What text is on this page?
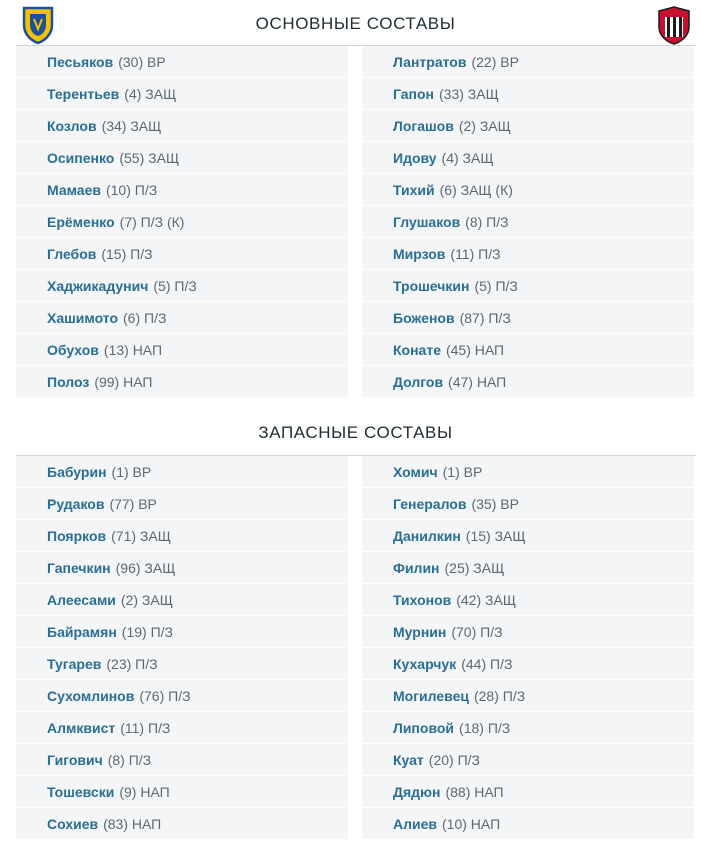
ОСНОВНЫЕ СОСТАВЫ
Песьяков (30) ВР
Терентьев (4) ЗАЩ
Козлов (34) ЗАЩ
Осипенко (55) ЗАЩ
Мамаев (10) П/З
Ерёменко (7) П/З (К)
Глебов (15) П/З
Хаджикадунич (5) П/З
Хашимото (6) П/З
Обухов (13) НАП
Полоз (99) НАП
Лантратов (22) ВР
Гапон (33) ЗАЩ
Логашов (2) ЗАЩ
Идову (4) ЗАЩ
Тихий (6) ЗАЩ (К)
Глушаков (8) П/З
Мирзов (11) П/З
Трошечкин (5) П/З
Боженов (87) П/З
Конате (45) НАП
Долгов (47) НАП
ЗАПАСНЫЕ СОСТАВЫ
Бабурин (1) ВР
Рудаков (77) ВР
Поярков (71) ЗАЩ
Гапечкин (96) ЗАЩ
Алеесами (2) ЗАЩ
Байрамян (19) П/З
Тугарев (23) П/З
Сухомлинов (76) П/З
Алмквист (11) П/З
Гигович (8) П/З
Тошевски (9) НАП
Сохиев (83) НАП
Хомич (1) ВР
Генералов (35) ВР
Данилкин (15) ЗАЩ
Филин (25) ЗАЩ
Тихонов (42) ЗАЩ
Мурнин (70) П/З
Кухарчук (44) П/З
Могилевец (28) П/З
Липовой (18) П/З
Куат (20) П/З
Дядюн (88) НАП
Алиев (10) НАП
